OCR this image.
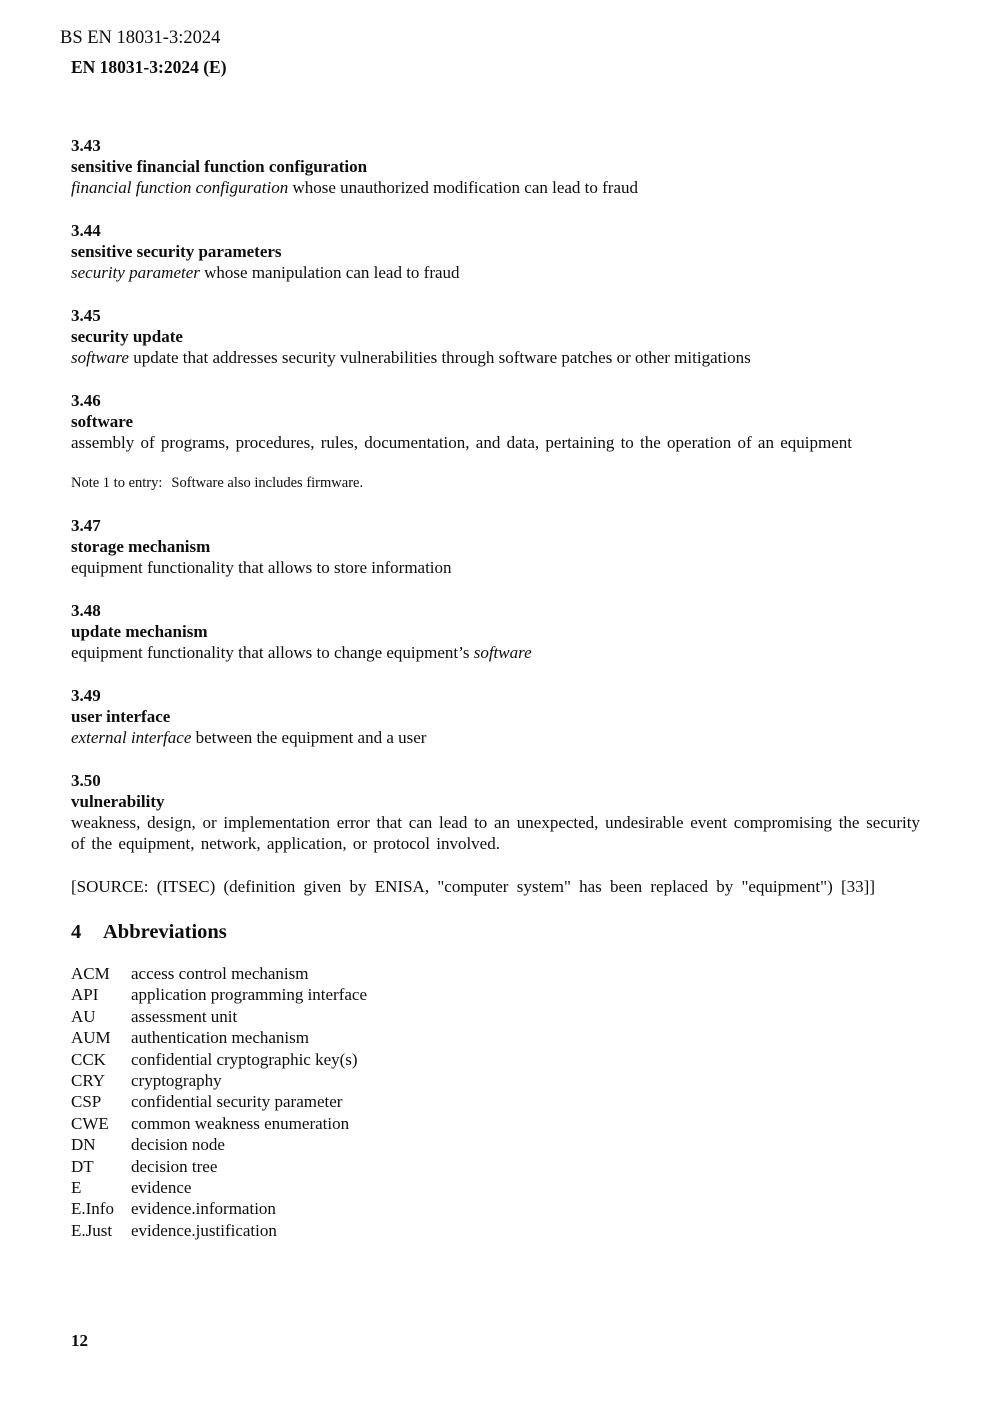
BS EN 18031-3:2024
EN 18031-3:2024 (E)

3.43

sensitive financial function configuration

financial function configuration whose unauthorized modification can lead to fraud

3.44

sensitive security parameters

security parameter whose manipulation can lead to fraud

3.45

security update

software update that addresses security vulnerabilities through software patches or other mitigations

3.46

software

assembly of programs, procedures, rules, documentation, and data, pertaining to the operation of an equipment

Note 1 to entry: Software also includes firmware.

3.47

storage mechanism

equipment functionality that allows to store information

3.48

update mechanism

equipment functionality that allows to change equipment’s software

3.49

user interface

external interface between the equipment and a user

3.50

vulnerability

weakness, design, or implementation error that can lead to an unexpected, undesirable event compromising the security of the equipment, network, application, or protocol involved.

[SOURCE: (ITSEC) (definition given by ENISA, "computer system" has been replaced by "equipment") [33]]

4 Abbreviations
ACM	access control mechanism
API	application programming interface
AU	assessment unit
AUM	authentication mechanism
CCK	confidential cryptographic key(s)
CRY	cryptography
CSP	confidential security parameter
CWE	common weakness enumeration
DN	decision node
DT	decision tree
E	evidence
E.Info	evidence.information
E.Just	evidence.justification
12
